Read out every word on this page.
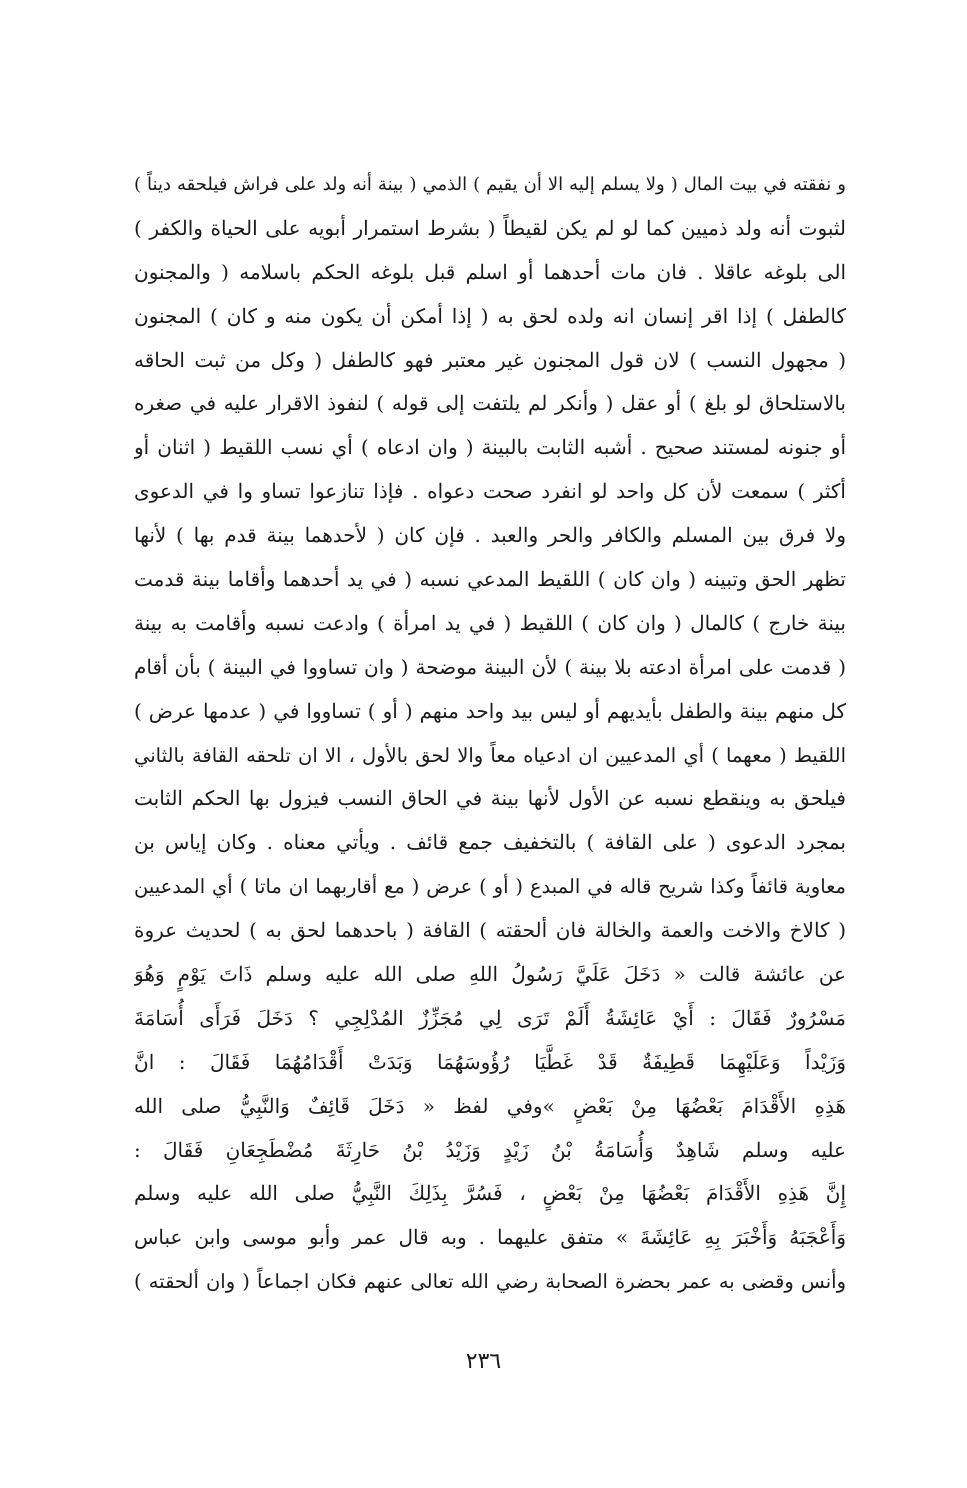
و نفقته في بيت المال ( ولا يسلم إليه الا أن يقيم ) الذمي ( بينة أنه ولد على فراش فيلحقه ديناً )
لثبوت أنه ولد ذميين كما لو لم يكن لقيطاً ( بشرط استمرار أبويه على الحياة والكفر )
الى بلوغه عاقلا . فان مات أحدهما أو اسلم قبل بلوغه الحكم باسلامه ( والمجنون
كالطفل ) إذا اقر إنسان انه ولده لحق به ( إذا أمكن أن يكون منه و كان ) المجنون
( مجهول النسب ) لان قول المجنون غير معتبر فهو كالطفل ( وكل من ثبت الحاقه
بالاستلحاق لو بلغ ) أو عقل ( وأنكر لم يلتفت إلى قوله ) لنفوذ الاقرار عليه في صغره
أو جنونه لمستند صحيح . أشبه الثابت بالبينة ( وان ادعاه ) أي نسب اللقيط ( اثنان أو
أكثر ) سمعت لأن كل واحد لو انفرد صحت دعواه . فإذا تنازعوا تساو وا في الدعوى
ولا فرق بين المسلم والكافر والحر والعبد . فإن كان ( لأحدهما بينة قدم بها ) لأنها
تظهر الحق وتبينه ( وان كان ) اللقيط المدعي نسبه ( في يد أحدهما وأقاما بينة قدمت
بينة خارج ) كالمال ( وان كان ) اللقيط ( في يد امرأة ) وادعت نسبه وأقامت به بينة
( قدمت على امرأة ادعته بلا بينة ) لأن البينة موضحة ( وان تساووا في البينة ) بأن أقام
كل منهم بينة والطفل بأيديهم أو ليس بيد واحد منهم ( أو ) تساووا في ( عدمها عرض )
اللقيط ( معهما ) أي المدعيين ان ادعياه معاً والا لحق بالأول ، الا ان تلحقه القافة بالثاني
فيلحق به وينقطع نسبه عن الأول لأنها بينة في الحاق النسب فيزول بها الحكم الثابت
بمجرد الدعوى ( على القافة ) بالتخفيف جمع قائف . ويأتي معناه . وكان إياس بن
معاوية قائفاً وكذا شريح قاله في المبدع ( أو ) عرض ( مع أقاربهما ان ماتا ) أي المدعيين
( كالاخ والاخت والعمة والخالة فان ألحقته ) القافة ( باحدهما لحق به ) لحديث عروة
عن عائشة قالت « دَخَلَ عَلَيَّ رَسُولُ اللهِ صلى الله عليه وسلم ذَاتَ يَوْمٍ وَهُوَ
مَسْرُورٌ فَقَالَ : أَيْ عَائِشَةُ أَلَمْ تَرَى لِي مُجَزِّزٌ المُدْلِجِي ؟ دَخَلَ فَرَأَى أُسَامَةَ
وَزَيْداً وَعَلَيْهِمَا قَطِيفَةٌ قَدْ غَطَّيَا رُؤُوسَهُمَا وَبَدَتْ أَقْدَامُهُمَا فَقَالَ : انَّ
هَذِهِ الأَقْدَامَ بَعْضُهَا مِنْ بَعْضٍ »وفي لفظ « دَخَلَ قَائِفٌ وَالنَّبِيُّ صلى الله
عليه وسلم شَاهِدٌ وَأُسَامَةُ بْنُ زَيْدٍ وَزَيْدُ بْنُ حَارِثَةَ مُضْطَجِعَانِ فَقَالَ :
إِنَّ هَذِهِ الأَقْدَامَ بَعْضُهَا مِنْ بَعْضٍ ، فَسُرَّ بِذَلِكَ النَّبِيُّ صلى الله عليه وسلم
وَأَعْجَبَهُ وَأَخْبَرَ بِهِ عَائِشَةَ » متفق عليهما . وبه قال عمر وأبو موسى وابن عباس
وأنس وقضى به عمر بحضرة الصحابة رضي الله تعالى عنهم فكان اجماعاً ( وان ألحقته )
٢٣٦
